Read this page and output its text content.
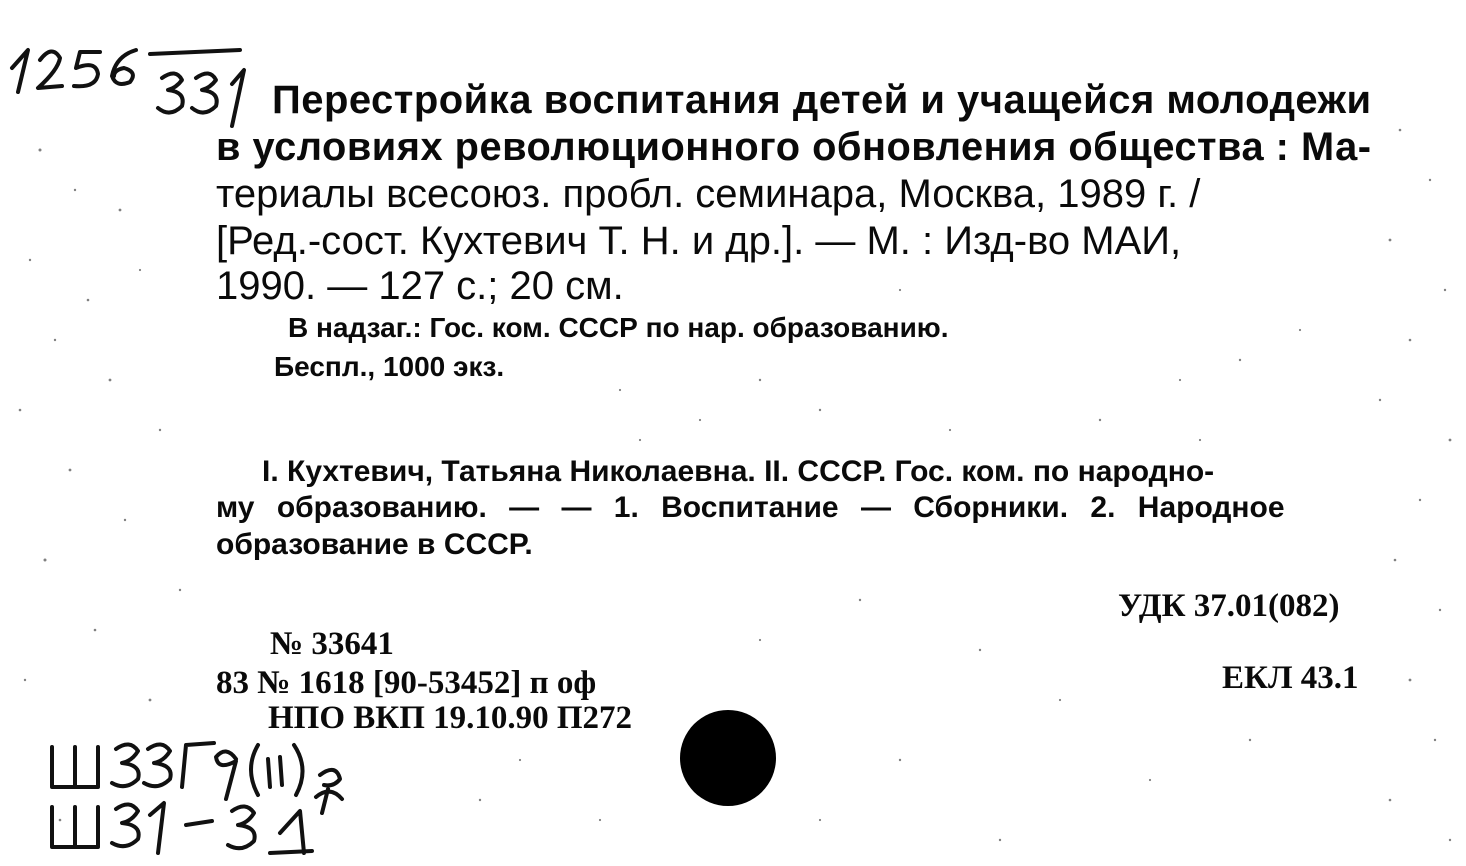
Перестройка воспитания детей и учащейся молодежи
в условиях революционного обновления общества : Ма-
териалы всесоюз. пробл. семинара, Москва, 1989 г. /
[Ред.-сост. Кухтевич Т. Н. и др.]. — М. : Изд-во МАИ,
1990. — 127 с.; 20 см.
В надзаг.: Гос. ком. СССР по нар. образованию.
Беспл., 1000 экз.
I. Кухтевич, Татьяна Николаевна. II. СССР. Гос. ком. по народно-
му образованию. — — 1. Воспитание — Сборники. 2. Народное
образование в СССР.
УДК 37.01(082)
ЕКЛ 43.1
№ 33641
83 № 1618 [90-53452] п оф
НПО ВКП 19.10.90 П272
